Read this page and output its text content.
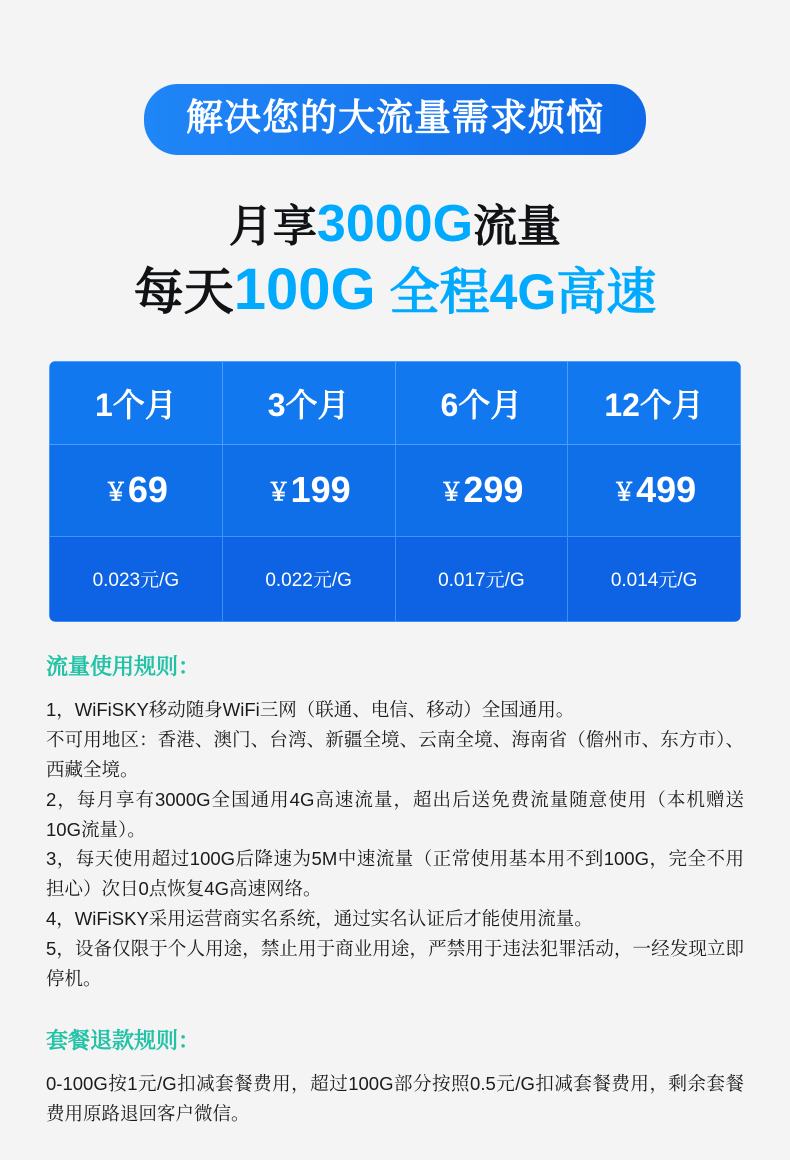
解决您的大流量需求烦恼
月享3000G流量
每天100G 全程4G高速
1个月	3个月	6个月	12个月
￥69	￥199	￥299	￥499
0.023元/G	0.022元/G	0.017元/G	0.014元/G
流量使用规则：

1，WiFiSKY移动随身WiFi三网（联通、电信、移动）全国通用。

不可用地区：香港、澳门、台湾、新疆全境、云南全境、海南省（儋州市、东方市）、西藏全境。

2，每月享有3000G全国通用4G高速流量，超出后送免费流量随意使用（本机赠送10G流量）。

3，每天使用超过100G后降速为5M中速流量（正常使用基本用不到100G，完全不用担心）次日0点恢复4G高速网络。

4，WiFiSKY采用运营商实名系统，通过实名认证后才能使用流量。

5，设备仅限于个人用途，禁止用于商业用途，严禁用于违法犯罪活动，一经发现立即停机。

套餐退款规则：

0-100G按1元/G扣减套餐费用，超过100G部分按照0.5元/G扣减套餐费用，剩余套餐费用原路退回客户微信。
